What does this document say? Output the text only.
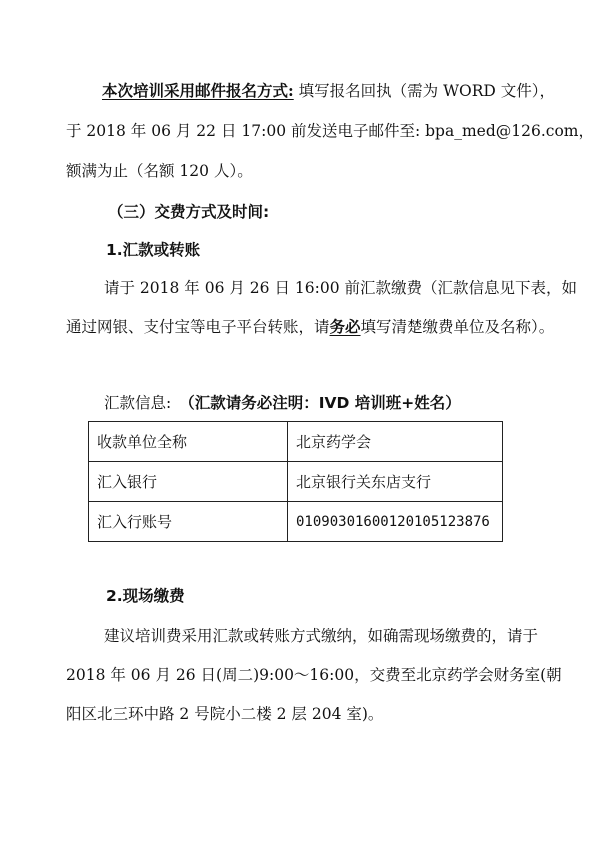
本次培训采用邮件报名方式: 填写报名回执（需为 WORD 文件），
于 2018 年 06 月 22 日 17:00 前发送电子邮件至: bpa_med@126.com，
额满为止（名额 120 人）。
（三）交费方式及时间:
1.汇款或转账
请于 2018 年 06 月 26 日 16:00 前汇款缴费（汇款信息见下表，如
通过网银、支付宝等电子平台转账，请务必填写清楚缴费单位及名称）。
汇款信息: （汇款请务必注明：IVD 培训班+姓名）
收款单位全称	北京药学会
汇入银行	北京银行关东店支行
汇入行账号	01090301600120105123876
2.现场缴费
建议培训费采用汇款或转账方式缴纳，如确需现场缴费的，请于
2018 年 06 月 26 日(周二)9:00～16:00，交费至北京药学会财务室(朝
阳区北三环中路 2 号院小二楼 2 层 204 室)。
